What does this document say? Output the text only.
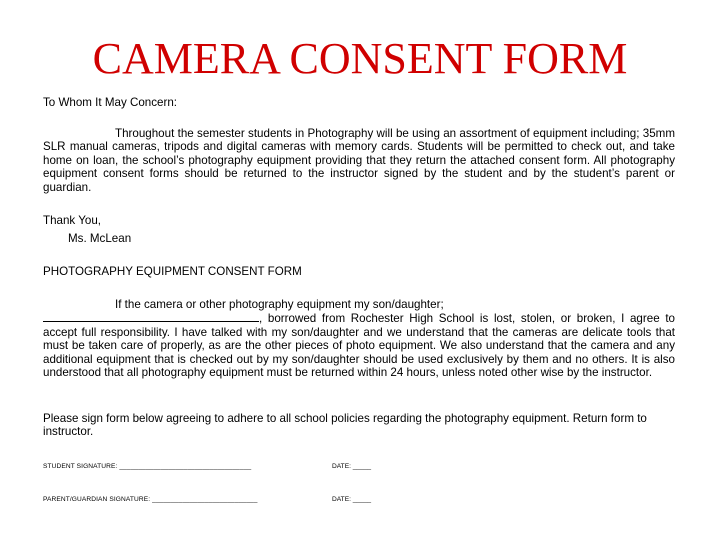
CAMERA CONSENT FORM
To Whom It May Concern:
Throughout the semester students in Photography will be using an assortment of equipment including; 35mm SLR manual cameras, tripods and digital cameras with memory cards. Students will be permitted to check out, and take home on loan, the school’s photography equipment providing that they return the attached consent form. All photography equipment consent forms should be returned to the instructor signed by the student and by the student’s parent or guardian.
Thank You,
Ms. McLean
PHOTOGRAPHY EQUIPMENT CONSENT FORM
If the camera or other photography equipment my son/daughter;
, borrowed from Rochester High School is lost, stolen, or broken, I agree to accept full responsibility. I have talked with my son/daughter and we understand that the cameras are delicate tools that must be taken care of properly, as are the other pieces of photo equipment. We also understand that the camera and any additional equipment that is checked out by my son/daughter should be used exclusively by them and no others. It is also understood that all photography equipment must be returned within 24 hours, unless noted other wise by the instructor.
Please sign form below agreeing to adhere to all school policies regarding the photography equipment. Return form to instructor.
STUDENT SIGNATURE: ___________________________________	DATE: _____
PARENT/GUARDIAN SIGNATURE: ____________________________	DATE: _____
